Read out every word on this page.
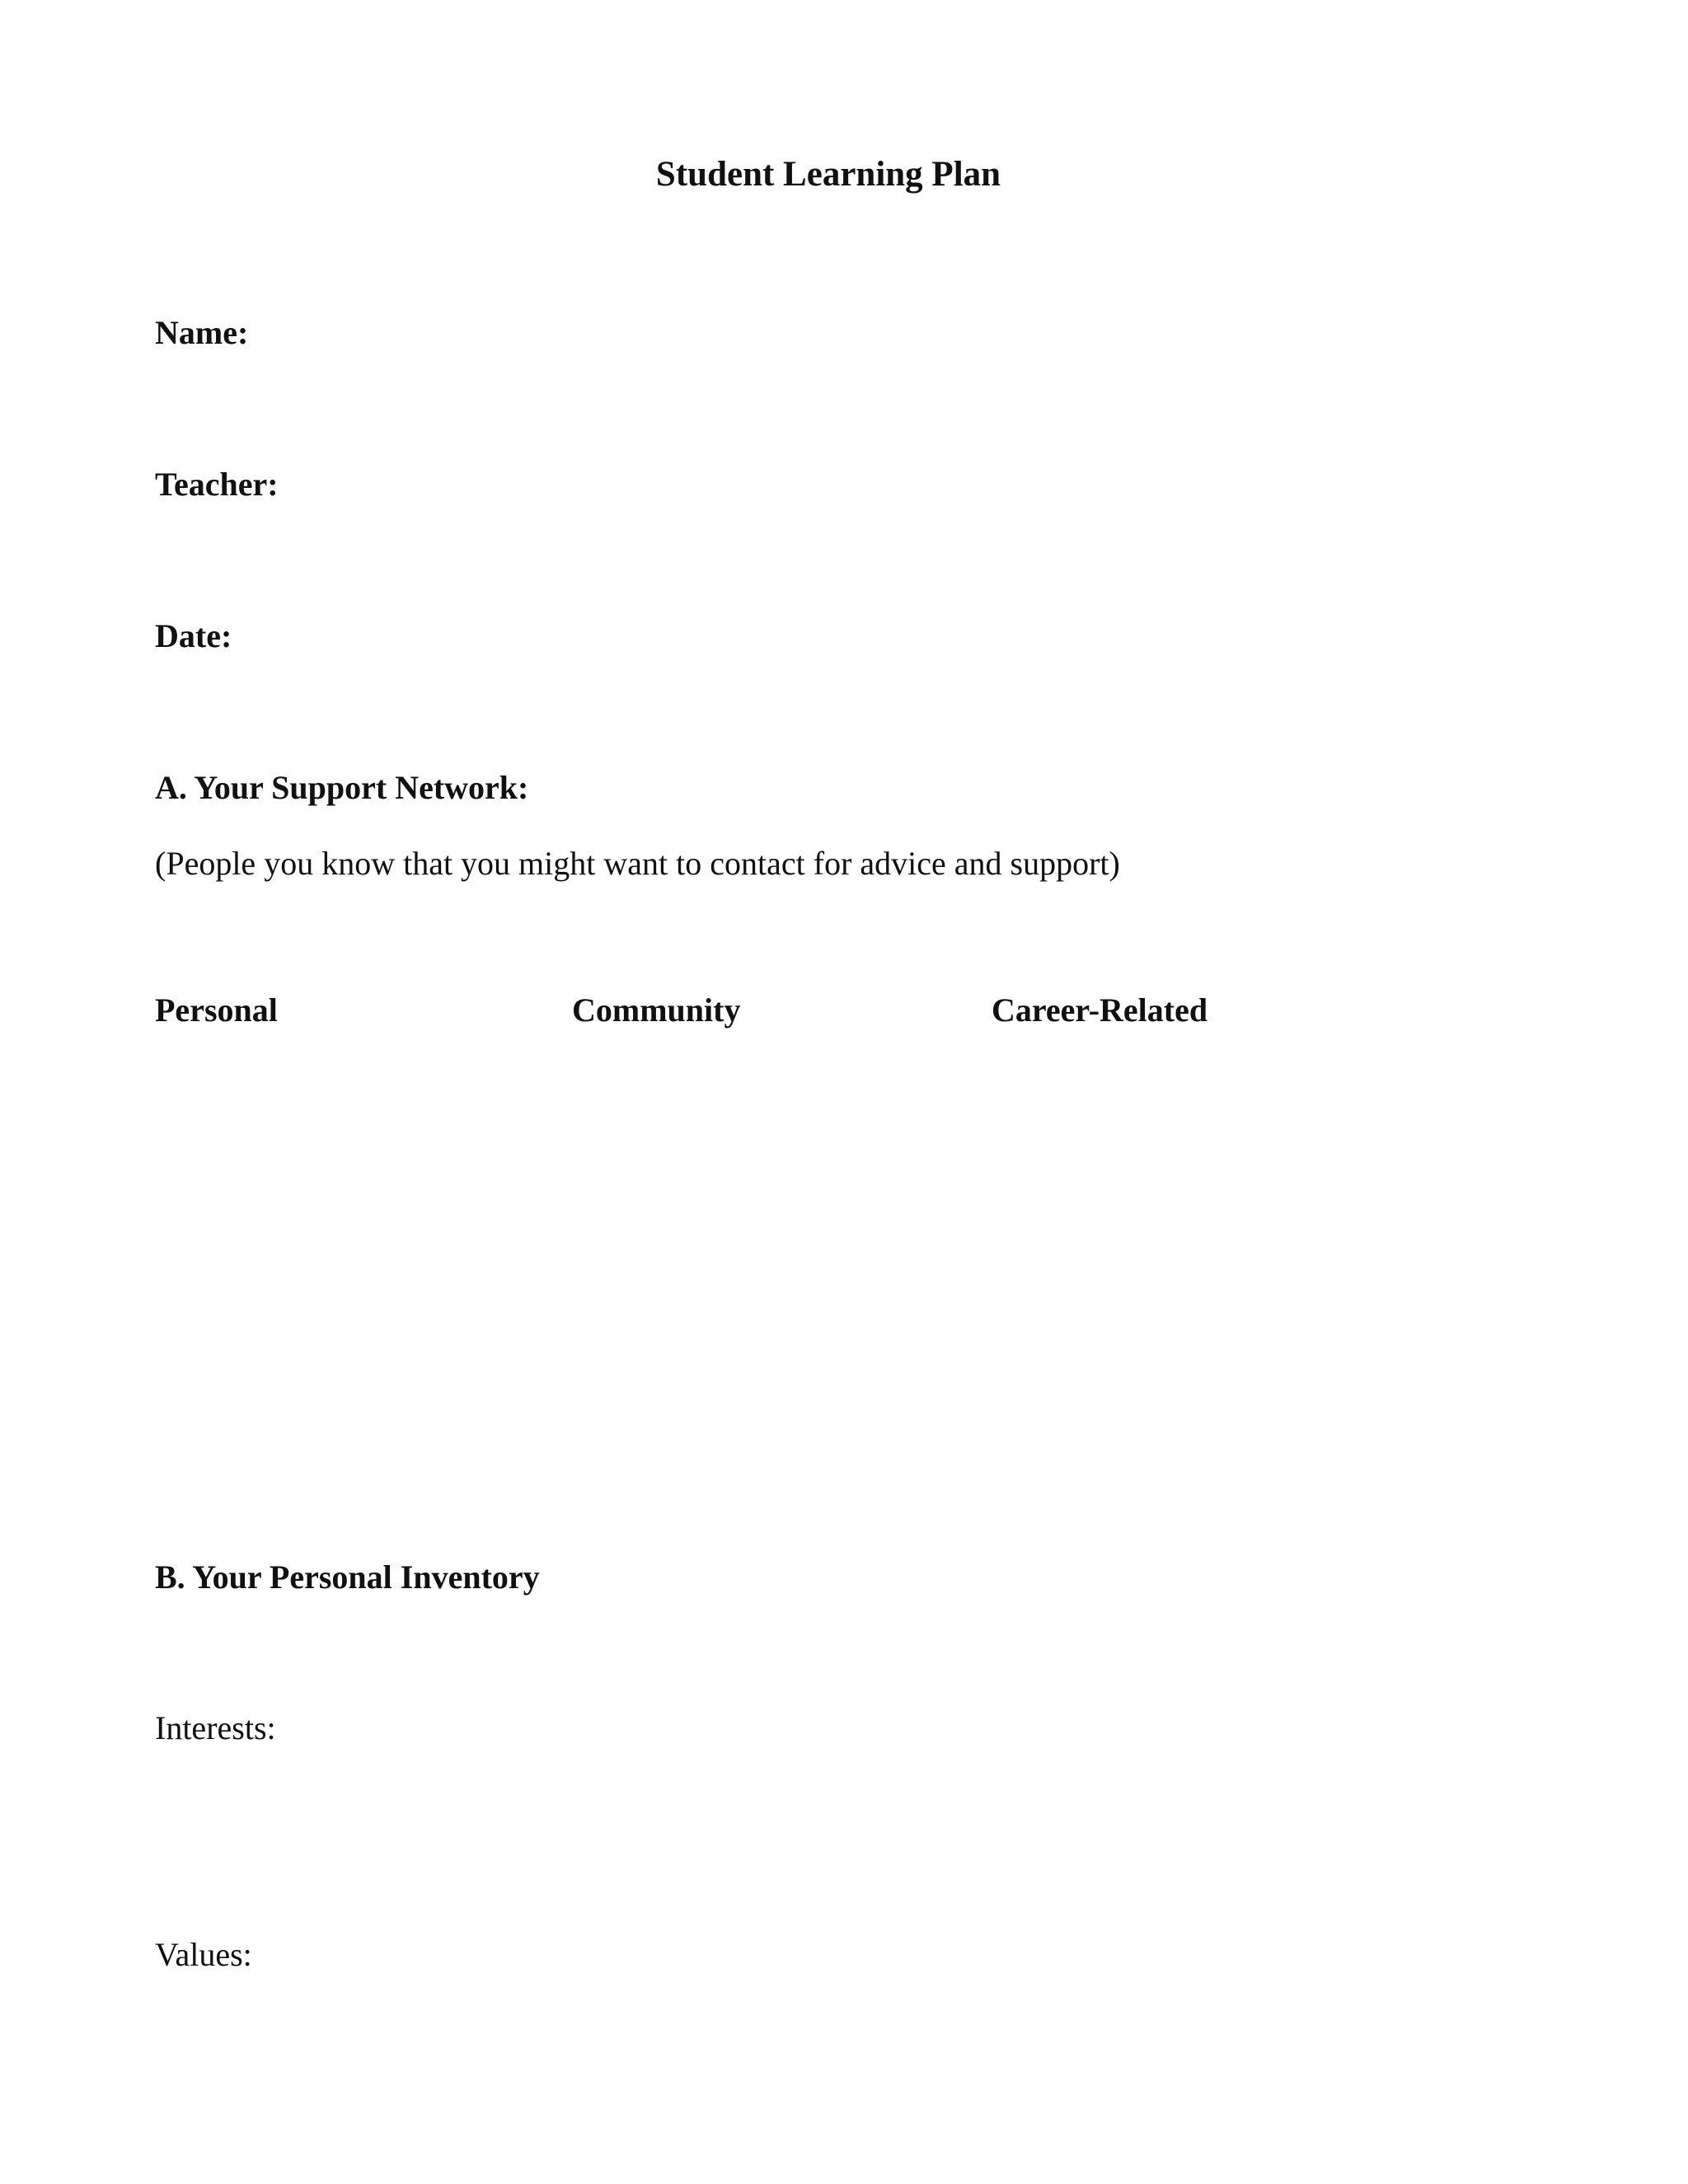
Student Learning Plan
Name:
Teacher:
Date:
A. Your Support Network:
(People you know that you might want to contact for advice and support)
Personal	Community	Career-Related
B. Your Personal Inventory
Interests:
Values:
